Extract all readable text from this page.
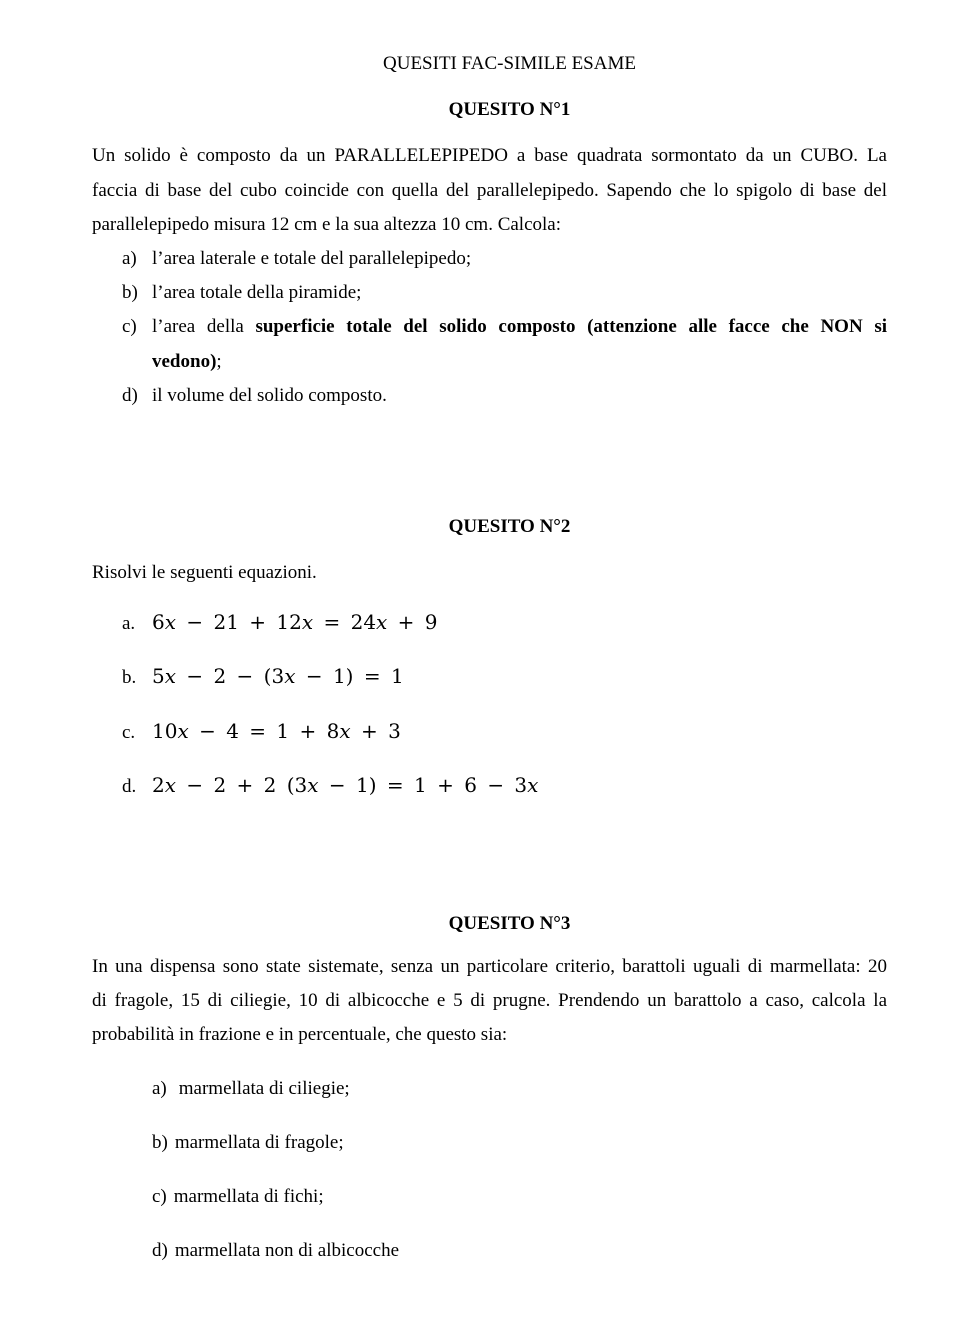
QUESITI FAC-SIMILE ESAME
QUESITO N°1
Un solido è composto da un PARALLELEPIPEDO a base quadrata sormontato da un CUBO. La
faccia di base del cubo coincide con quella del parallelepipedo. Sapendo che lo spigolo di base del
parallelepipedo misura 12 cm e la sua altezza 10 cm. Calcola:
a) l’area laterale e totale del parallelepipedo;
b) l’area totale della piramide;
c) l’area della superficie totale del solido composto (attenzione alle facce che NON si
vedono);
d) il volume del solido composto.
QUESITO N°2
Risolvi le seguenti equazioni.
a. 6𝑥 − 21 + 12𝑥 = 24𝑥 + 9
b. 5𝑥 − 2 − (3𝑥 − 1) = 1
c. 10𝑥 − 4 = 1 + 8𝑥 + 3
d. 2𝑥 − 2 + 2 (3𝑥 − 1) = 1 + 6 − 3𝑥
QUESITO N°3
In una dispensa sono state sistemate, senza un particolare criterio, barattoli uguali di marmellata: 20
di fragole, 15 di ciliegie, 10 di albicocche e 5 di prugne. Prendendo un barattolo a caso, calcola la
probabilità in frazione e in percentuale, che questo sia:
a) marmellata di ciliegie;
b) marmellata di fragole;
c) marmellata di fichi;
d) marmellata non di albicocche
